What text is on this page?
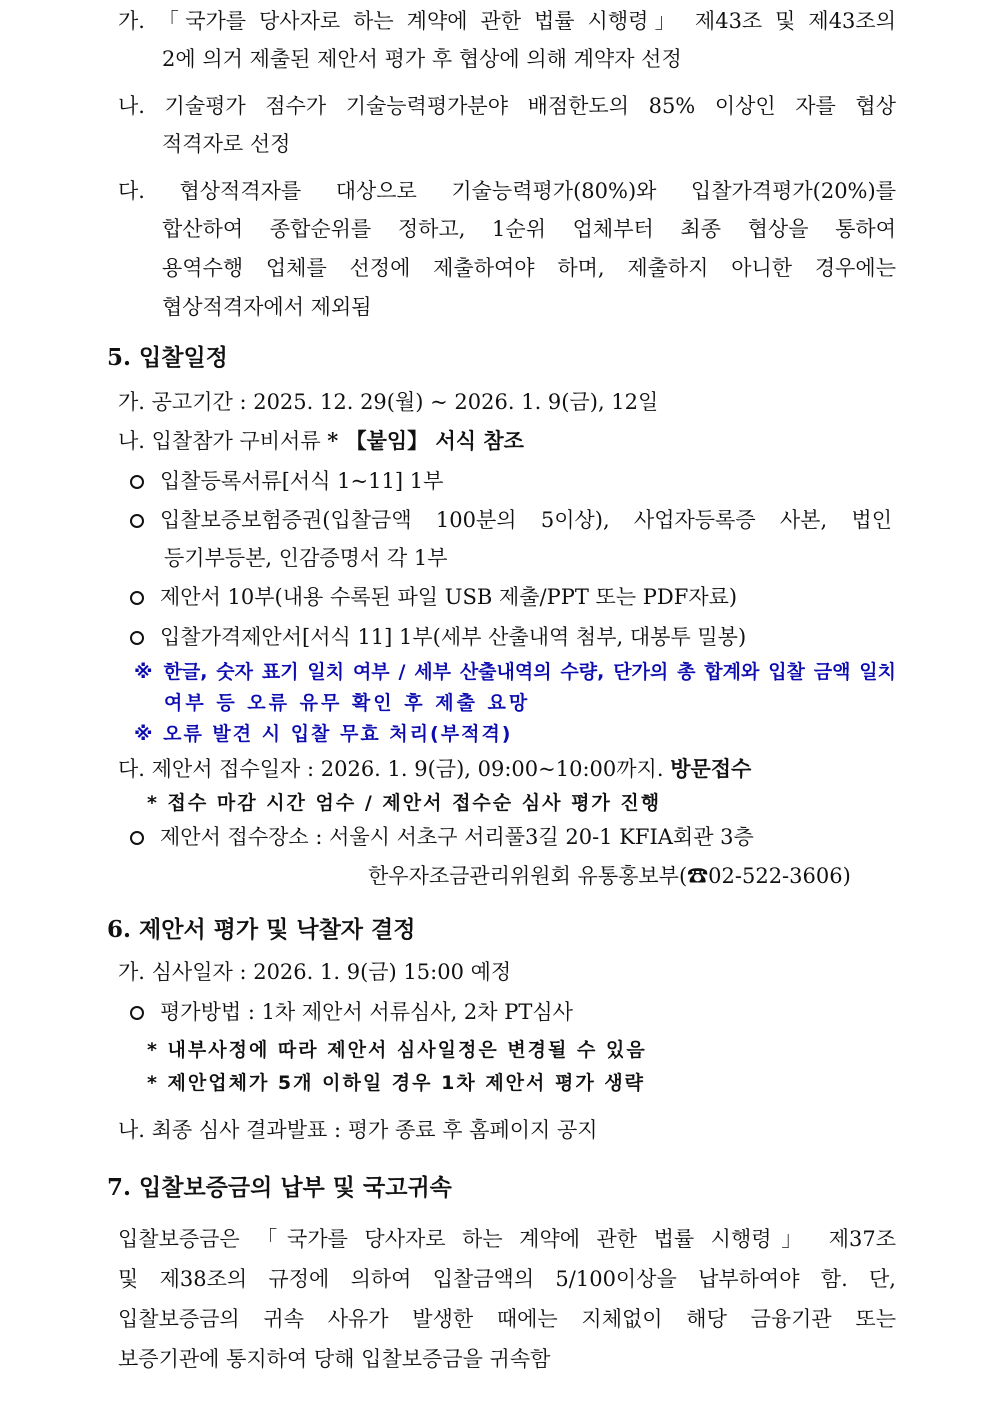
가. 「국가를 당사자로 하는 계약에 관한 법률 시행령」 제43조 및 제43조의
2에 의거 제출된 제안서 평가 후 협상에 의해 계약자 선정
나. 기술평가 점수가 기술능력평가분야 배점한도의 85% 이상인 자를 협상
적격자로 선정
다. 협상적격자를 대상으로 기술능력평가(80%)와 입찰가격평가(20%)를
합산하여 종합순위를 정하고, 1순위 업체부터 최종 협상을 통하여
용역수행 업체를 선정에 제출하여야 하며, 제출하지 아니한 경우에는
협상적격자에서 제외됨
5. 입찰일정
가. 공고기간 : 2025. 12. 29(월) ~ 2026. 1. 9(금), 12일
나. 입찰참가 구비서류 * 【붙임】 서식 참조
입찰등록서류[서식 1~11] 1부
입찰보증보험증권(입찰금액 100분의 5이상), 사업자등록증 사본, 법인
등기부등본, 인감증명서 각 1부
제안서 10부(내용 수록된 파일 USB 제출/PPT 또는 PDF자료)
입찰가격제안서[서식 11] 1부(세부 산출내역 첨부, 대봉투 밀봉)
※ 한글, 숫자 표기 일치 여부 / 세부 산출내역의 수량, 단가의 총 합계와 입찰 금액 일치
여부 등 오류 유무 확인 후 제출 요망
※ 오류 발견 시 입찰 무효 처리(부적격)
다. 제안서 접수일자 : 2026. 1. 9(금), 09:00~10:00까지. 방문접수
* 접수 마감 시간 엄수 / 제안서 접수순 심사 평가 진행
제안서 접수장소 : 서울시 서초구 서리풀3길 20-1 KFIA회관 3층
한우자조금관리위원회 유통홍보부(☎02-522-3606)
6. 제안서 평가 및 낙찰자 결정
가. 심사일자 : 2026. 1. 9(금) 15:00 예정
평가방법 : 1차 제안서 서류심사, 2차 PT심사
* 내부사정에 따라 제안서 심사일정은 변경될 수 있음
* 제안업체가 5개 이하일 경우 1차 제안서 평가 생략
나. 최종 심사 결과발표 : 평가 종료 후 홈페이지 공지
7. 입찰보증금의 납부 및 국고귀속
입찰보증금은 「국가를 당사자로 하는 계약에 관한 법률 시행령」 제37조
및 제38조의 규정에 의하여 입찰금액의 5/100이상을 납부하여야 함. 단,
입찰보증금의 귀속 사유가 발생한 때에는 지체없이 해당 금융기관 또는
보증기관에 통지하여 당해 입찰보증금을 귀속함
